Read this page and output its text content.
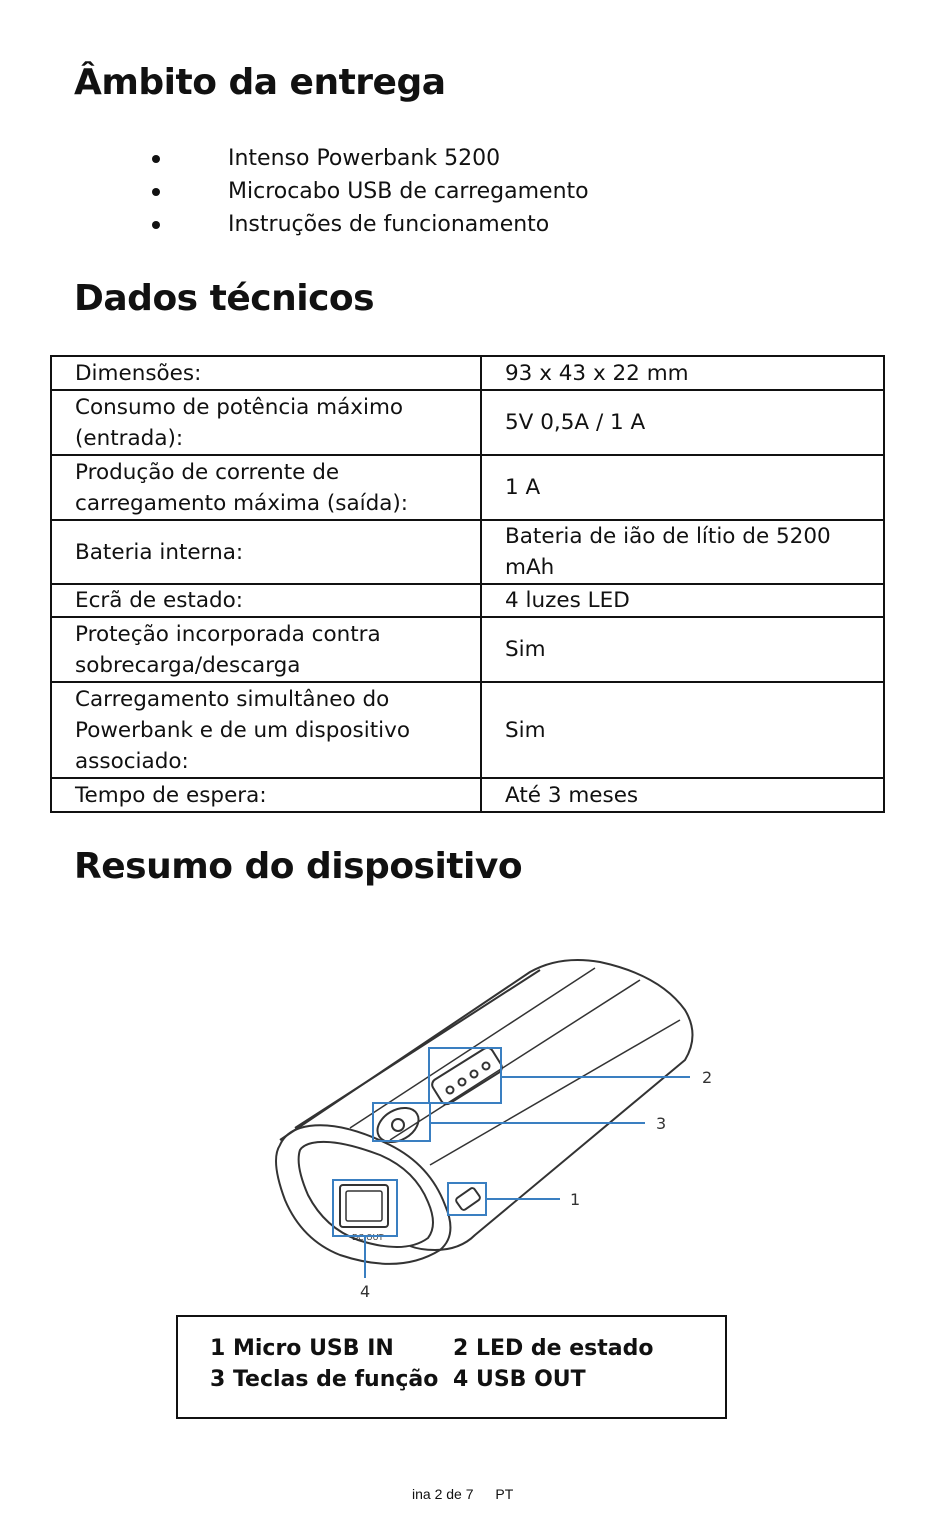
Âmbito da entrega
Intenso Powerbank 5200
Microcabo USB de carregamento
Instruções de funcionamento
Dados técnicos
Dimensões:	93 x 43 x 22 mm
Consumo de potência máximo (entrada):	5V 0,5A / 1 A
Produção de corrente de carregamento máxima (saída):	1 A
Bateria interna:	Bateria de ião de lítio de 5200 mAh
Ecrã de estado:	4 luzes LED
Proteção incorporada contra sobrecarga/descarga	Sim
Carregamento simultâneo do Powerbank e de um dispositivo associado:	Sim
Tempo de espera:	Até 3 meses
Resumo do dispositivo
DC OUT
2
3
1
4
1 Micro USB IN	2 LED de estado
3 Teclas de função 4 USB OUT
ina 2 de 7 PT
